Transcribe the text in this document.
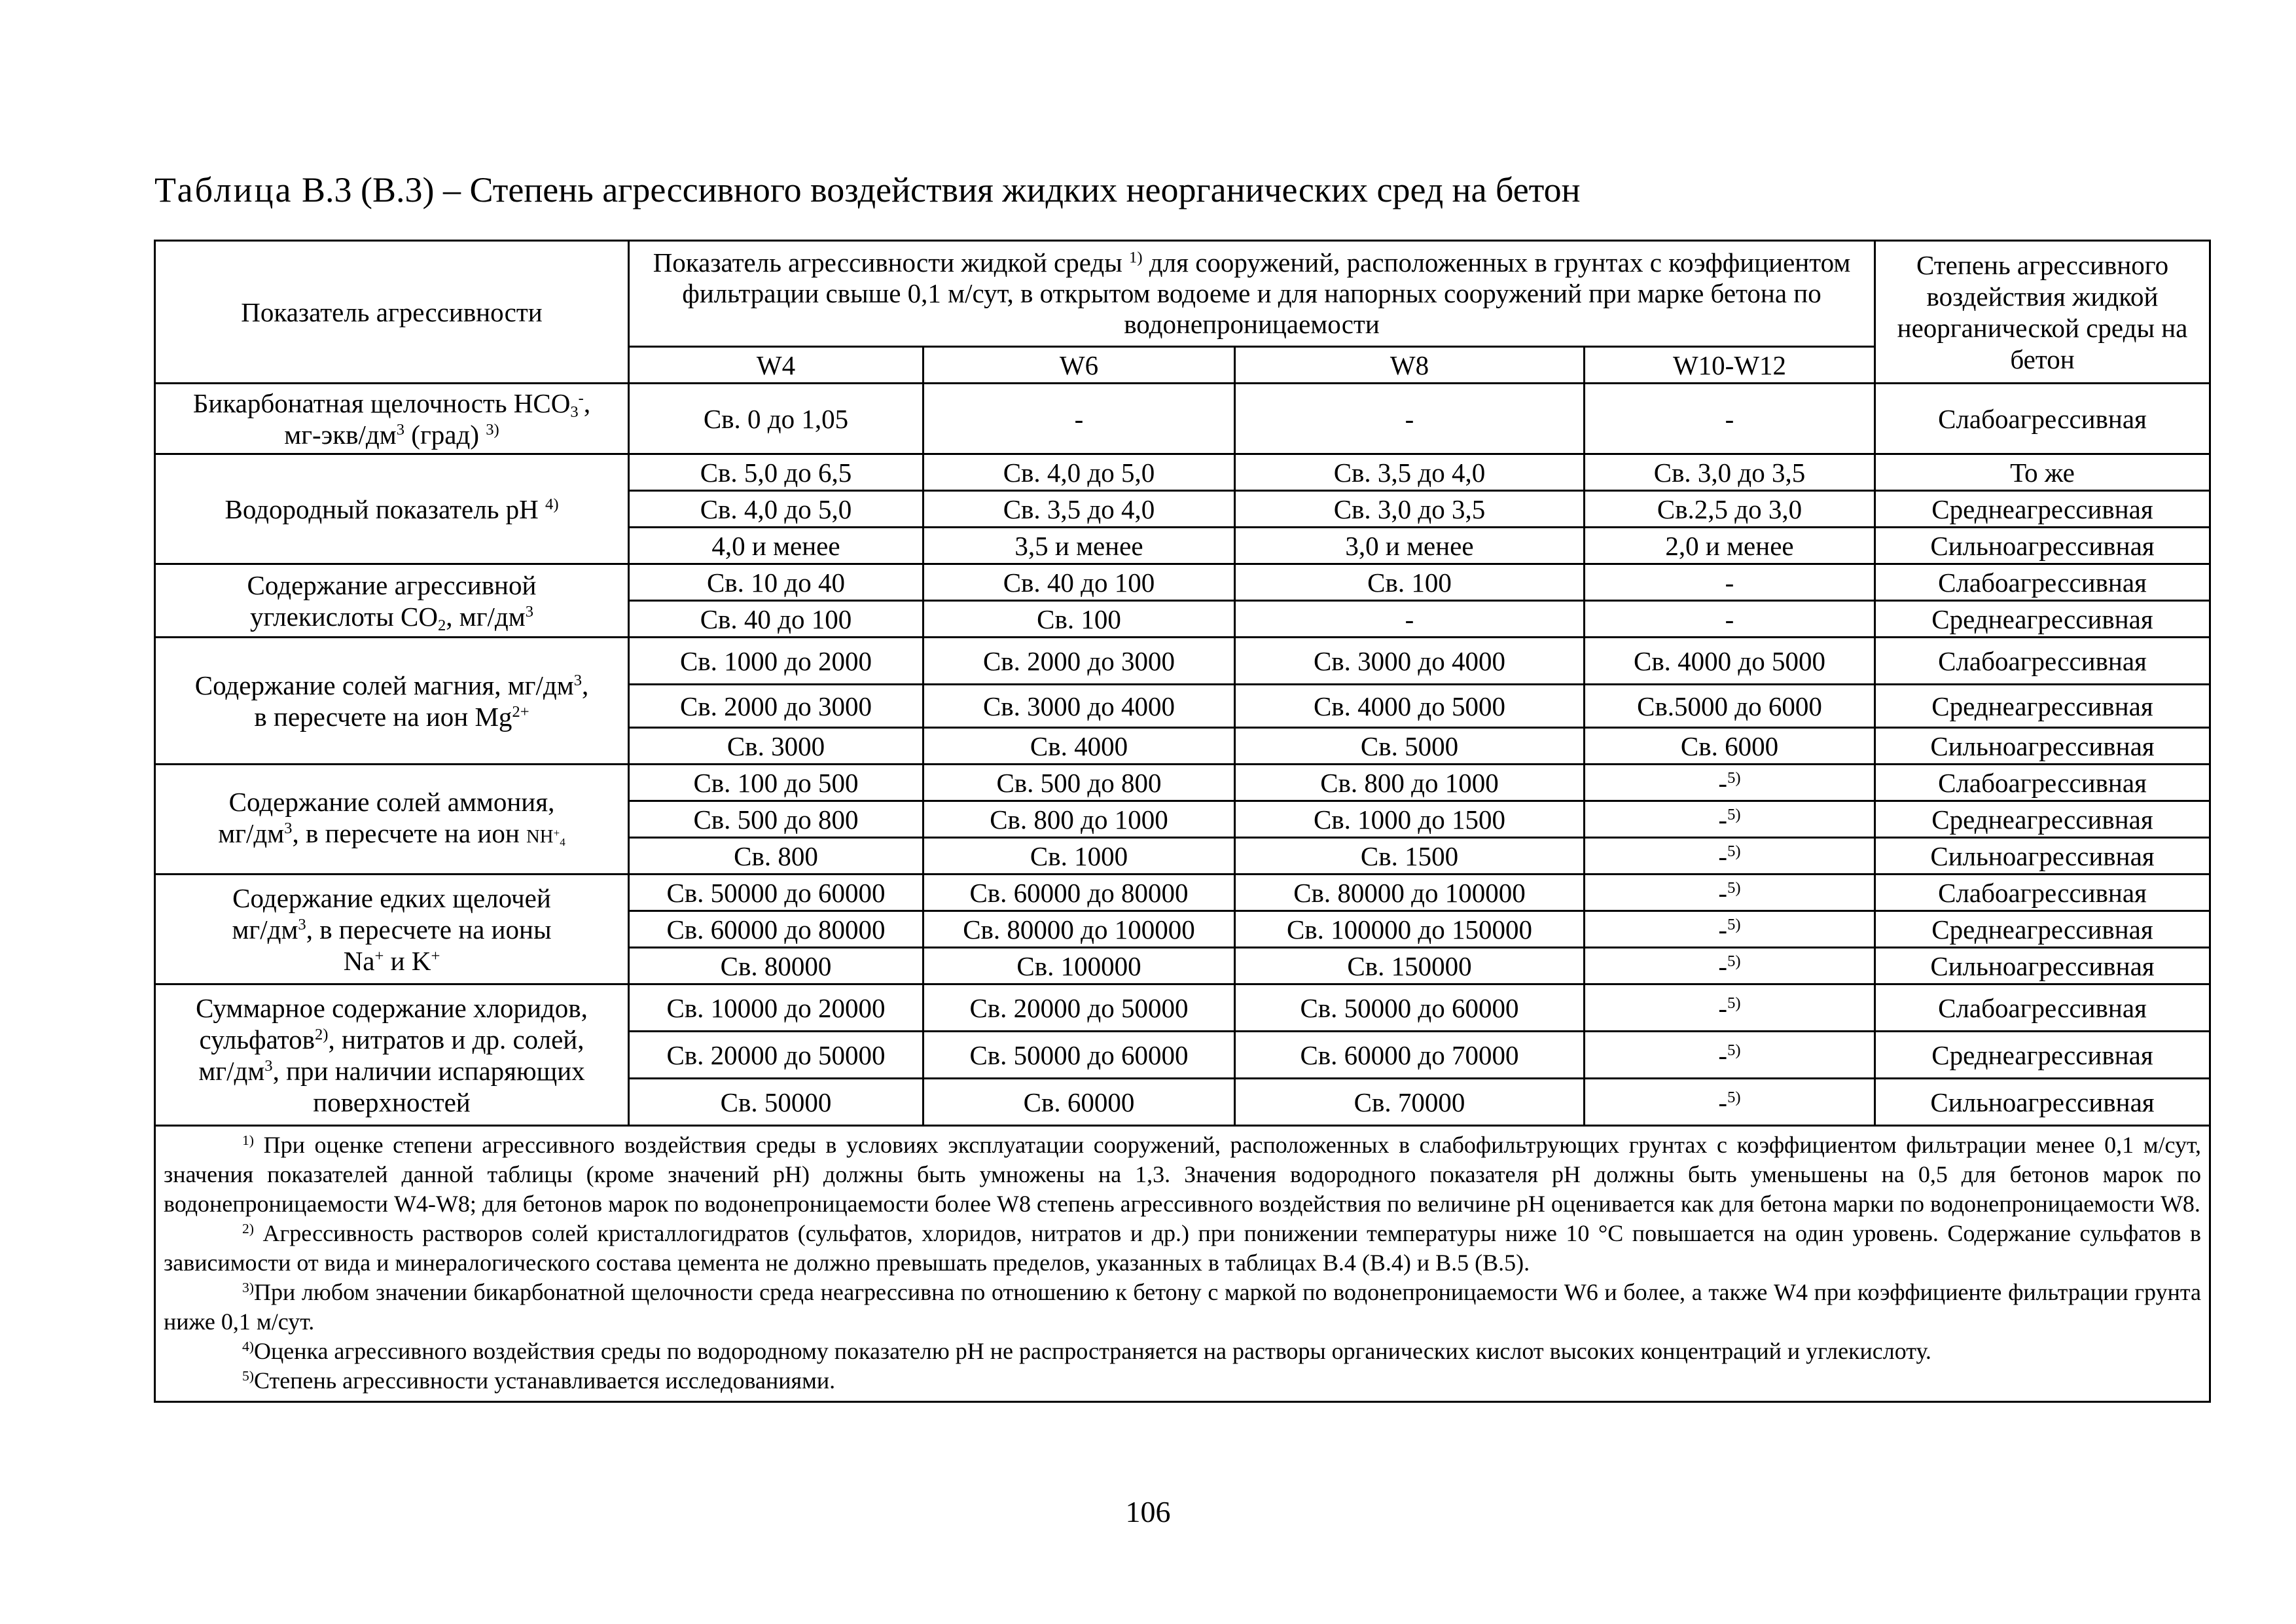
Таблица В.3 (В.3) – Степень агрессивного воздействия жидких неорганических сред на бетон
Показатель агрессивности	Показатель агрессивности жидкой среды $^{1)}$ для сооружений, расположенных в грунтах с коэффициентом фильтрации свыше 0,1 м/сут, в открытом водоеме и для напорных сооружений при марке бетона по водонепроницаемости				Степень агрессивного воздействия жидкой неорганической среды на бетон
	W4	W6	W8	W10-W12	
Бикарбонатная щелочность $HCO_3^-$,
$мг-экв/дм^3$ (град) $^{3)}$	Св. 0 до 1,05	-	-	-	Слабоагрессивная
Водородный показатель pH $^{4)}$	Св. 5,0 до 6,5	Св. 4,0 до 5,0	Св. 3,5 до 4,0	Св. 3,0 до 3,5	То же
	Св. 4,0 до 5,0	Св. 3,5 до 4,0	Св. 3,0 до 3,5	Св.2,5 до 3,0	Среднеагрессивная
	4,0 и менее	3,5 и менее	3,0 и менее	2,0 и менее	Сильноагрессивная
Содержание агрессивной
углекислоты $CO_2$, $мг/дм^3$	Св. 10 до 40	Св. 40 до 100	Св. 100	-	Слабоагрессивная
	Св. 40 до 100	Св. 100	-	-	Среднеагрессивная
Содержание солей магния, $мг/дм^3$,
в пересчете на ион $Mg^{2+}$	Св. 1000 до 2000	Св. 2000 до 3000	Св. 3000 до 4000	Св. 4000 до 5000	Слабоагрессивная
	Св. 2000 до 3000	Св. 3000 до 4000	Св. 4000 до 5000	Св.5000 до 6000	Среднеагрессивная
	Св. 3000	Св. 4000	Св. 5000	Св. 6000	Сильноагрессивная
Содержание солей аммония,
$мг/дм^3$, в пересчете на ион $NH^+_4$	Св. 100 до 500	Св. 500 до 800	Св. 800 до 1000	-$^{5)}$	Слабоагрессивная
	Св. 500 до 800	Св. 800 до 1000	Св. 1000 до 1500	-$^{5)}$	Среднеагрессивная
	Св. 800	Св. 1000	Св. 1500	-$^{5)}$	Сильноагрессивная
Содержание едких щелочей
$мг/дм^3$, в пересчете на ионы
Na+ и K+	Св. 50000 до 60000	Св. 60000 до 80000	Св. 80000 до 100000	-$^{5)}$	Слабоагрессивная
	Св. 60000 до 80000	Св. 80000 до 100000	Св. 100000 до 150000	-$^{5)}$	Среднеагрессивная
	Св. 80000	Св. 100000	Св. 150000	-$^{5)}$	Сильноагрессивная
Суммарное содержание хлоридов,
сульфатов$^{2)}$, нитратов и др. солей,
$мг/дм^3$, при наличии испаряющих
поверхностей	Св. 10000 до 20000	Св. 20000 до 50000	Св. 50000 до 60000	-$^{5)}$	Слабоагрессивная
	Св. 20000 до 50000	Св. 50000 до 60000	Св. 60000 до 70000	-$^{5)}$	Среднеагрессивная
	Св. 50000	Св. 60000	Св. 70000	-$^{5)}$	Сильноагрессивная

$^{1)}$ При оценке степени агрессивного воздействия среды в условиях эксплуатации сооружений, расположенных в слабофильтрующих грунтах с коэффициентом фильтрации менее 0,1 м/сут, значения показателей данной таблицы (кроме значений pH) должны быть умножены на 1,3. Значения водородного показателя pH должны быть уменьшены на 0,5 для бетонов марок по водонепроницаемости W4-W8; для бетонов марок по водонепроницаемости более W8 степень агрессивного воздействия по величине pH оценивается как для бетона марки по водонепроницаемости W8.

$^{2)}$ Агрессивность растворов солей кристаллогидратов (сульфатов, хлоридов, нитратов и др.) при понижении температуры ниже 10 °С повышается на один уровень. Содержание сульфатов в зависимости от вида и минералогического состава цемента не должно превышать пределов, указанных в таблицах В.4 (В.4) и В.5 (В.5).

$^{3)}$При любом значении бикарбонатной щелочности среда неагрессивна по отношению к бетону с маркой по водонепроницаемости W6 и более, а также W4 при коэффициенте фильтрации грунта ниже 0,1 м/сут.

$^{4)}$Оценка агрессивного воздействия среды по водородному показателю pH не распространяется на растворы органических кислот высоких концентраций и углекислоту.

$^{5)}$Степень агрессивности устанавливается исследованиями.					

106
